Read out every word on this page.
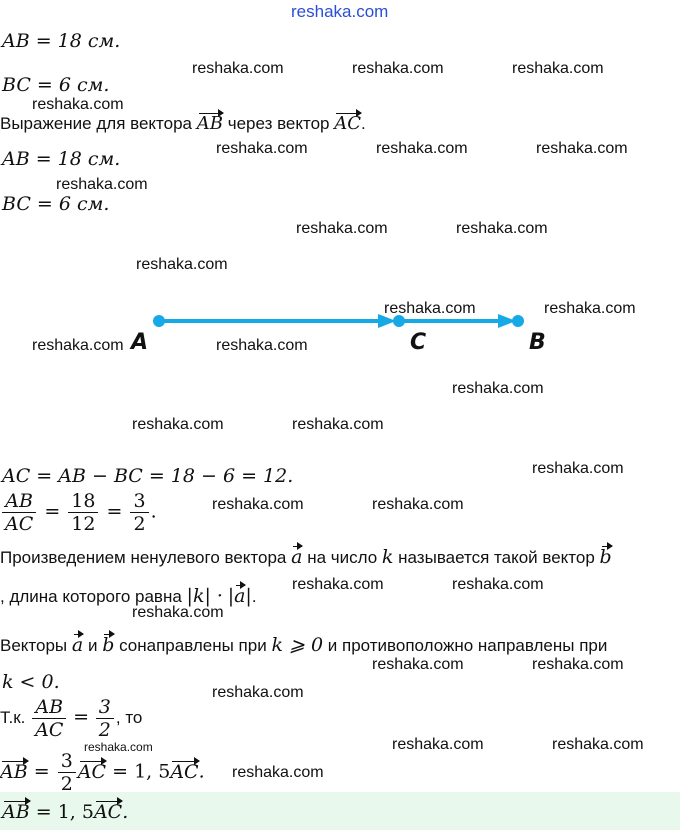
reshaka.com
AB = 18 см.
BC = 6 см.
Выражение для вектора AB через вектор AC.
AB = 18 см.
BC = 6 см.
A	C	B
AC = AB − BC = 18 − 6 = 12.
$\frac{AB}{AC} = \frac{18}{12} = \frac{3}{2}$ .
Произведением ненулевого вектора a на число k называется такой вектор b
, длина которого равна |k| · |a|.
Векторы a и b сонаправлены при k ⩾ 0 и противоположно направлены при
k < 0.
Т.к. $\frac{AB}{AC} = \frac{3}{2}$ , то
AB = $\frac{3}{2}$ AC = 1, 5AC.
AB = 1, 5AC.
reshaka.com	reshaka.com	reshaka.com
reshaka.com
reshaka.com	reshaka.com	reshaka.com
reshaka.com
reshaka.com	reshaka.com
reshaka.com
reshaka.com	reshaka.com
reshaka.com	reshaka.com
reshaka.com
reshaka.com	reshaka.com
reshaka.com
reshaka.com	reshaka.com
reshaka.com	reshaka.com
reshaka.com
reshaka.com	reshaka.com
reshaka.com
reshaka.com	reshaka.com	reshaka.com
reshaka.com
